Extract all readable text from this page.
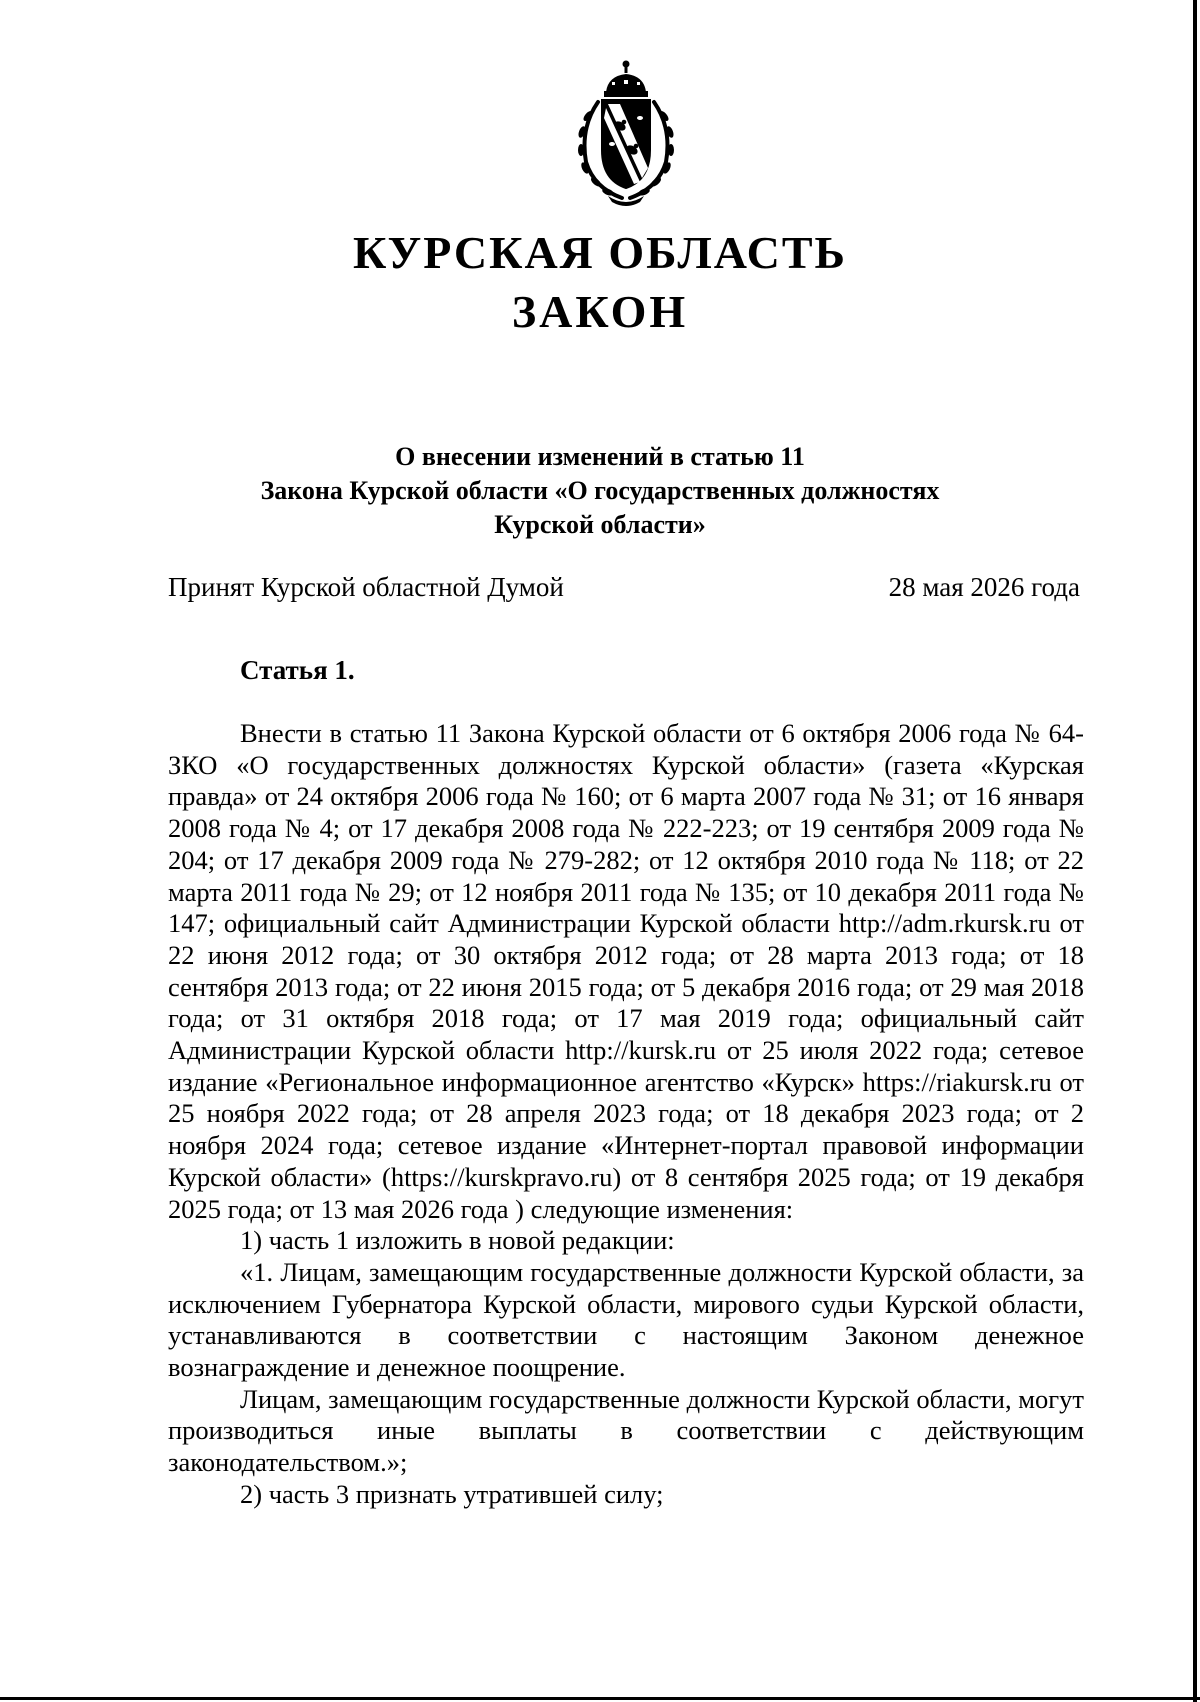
КУРСКАЯ ОБЛАСТЬ
ЗАКОН
О внесении изменений в статью 11
Закона Курской области «О государственных должностях
Курской области»
Принят Курской областной Думой	28 мая 2026 года
Статья 1.

Внести в статью 11 Закона Курской области от 6 октября 2006 года № 64-ЗКО «О государственных должностях Курской области» (газета «Курская правда» от 24 октября 2006 года № 160; от 6 марта 2007 года № 31; от 16 января 2008 года № 4; от 17 декабря 2008 года № 222-223; от 19 сентября 2009 года № 204; от 17 декабря 2009 года № 279-282; от 12 октября 2010 года № 118; от 22 марта 2011 года № 29; от 12 ноября 2011 года № 135; от 10 декабря 2011 года № 147; официальный сайт Администрации Курской области http://adm.rkursk.ru от 22 июня 2012 года; от 30 октября 2012 года; от 28 марта 2013 года; от 18 сентября 2013 года; от 22 июня 2015 года; от 5 декабря 2016 года; от 29 мая 2018 года; от 31 октября 2018 года; от 17 мая 2019 года; официальный сайт Администрации Курской области http://kursk.ru от 25 июля 2022 года; сетевое издание «Региональное информационное агентство «Курск» https://riakursk.ru от 25 ноября 2022 года; от 28 апреля 2023 года; от 18 декабря 2023 года; от 2 ноября 2024 года; сетевое издание «Интернет-портал правовой информации Курской области» (https://kurskpravo.ru) от 8 сентября 2025 года; от 19 декабря 2025 года; от 13 мая 2026 года ) следующие изменения:

1) часть 1 изложить в новой редакции:

«1. Лицам, замещающим государственные должности Курской области, за исключением Губернатора Курской области, мирового судьи Курской области, устанавливаются в соответствии с настоящим Законом денежное вознаграждение и денежное поощрение.

Лицам, замещающим государственные должности Курской области, могут производиться иные выплаты в соответствии с действующим законодательством.»;

2) часть 3 признать утратившей силу;
